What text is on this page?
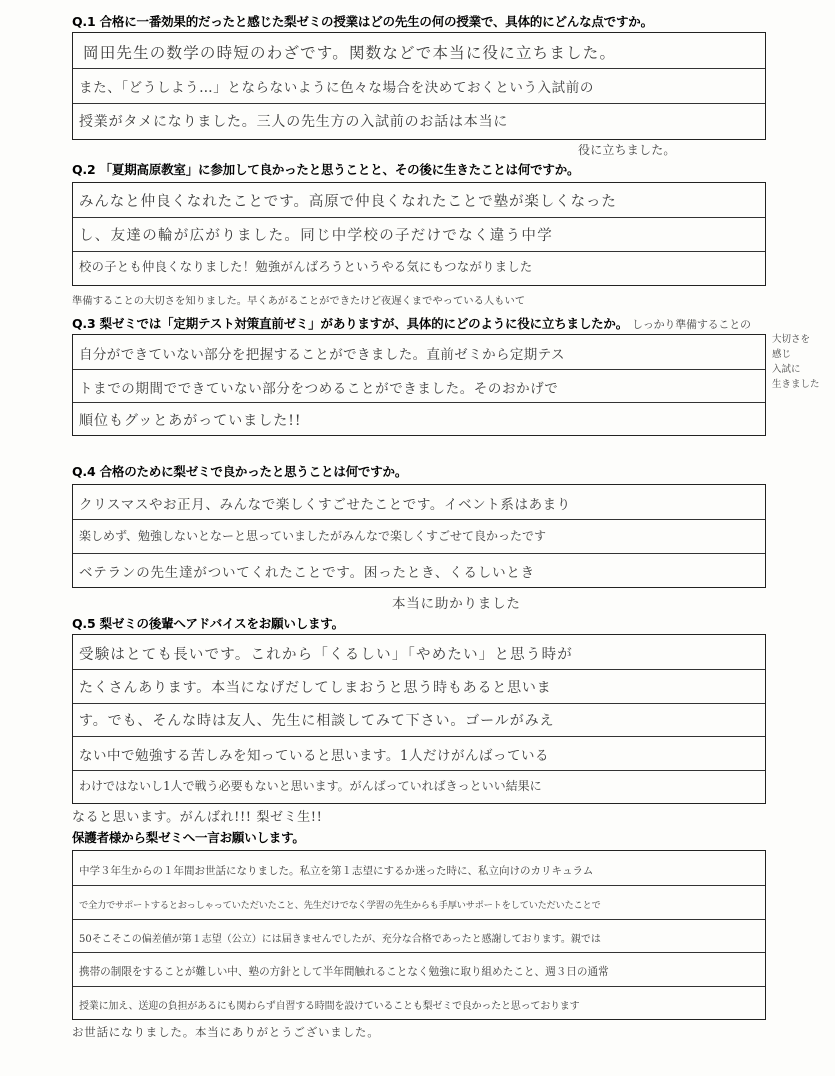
Q.1 合格に一番効果的だったと感じた梨ゼミの授業はどの先生の何の授業で、具体的にどんな点ですか。
岡田先生の数学の時短のわざです。関数などで本当に役に立ちました。
また、「どうしよう…」とならないように色々な場合を決めておくという入試前の
授業がタメになりました。三人の先生方の入試前のお話は本当に
役に立ちました。
Q.2 「夏期高原教室」に参加して良かったと思うことと、その後に生きたことは何ですか。
みんなと仲良くなれたことです。高原で仲良くなれたことで塾が楽しくなった
し、友達の輪が広がりました。同じ中学校の子だけでなく違う中学
校の子とも仲良くなりました！勉強がんばろうというやる気にもつながりました
準備することの大切さを知りました。早くあがることができたけど夜遅くまでやっている人もいて
Q.3 梨ゼミでは「定期テスト対策直前ゼミ」がありますが、具体的にどのように役に立ちましたか。 しっかり準備することの
自分ができていない部分を把握することができました。直前ゼミから定期テス
トまでの期間でできていない部分をつめることができました。そのおかげで
順位もグッとあがっていました!!
大切さを
感じ
入試に
生きました
Q.4 合格のために梨ゼミで良かったと思うことは何ですか。
クリスマスやお正月、みんなで楽しくすごせたことです。イベント系はあまり
楽しめず、勉強しないとなーと思っていましたがみんなで楽しくすごせて良かったです
ベテランの先生達がついてくれたことです。困ったとき、くるしいとき
本当に助かりました
Q.5 梨ゼミの後輩へアドバイスをお願いします。
受験はとても長いです。これから「くるしい」「やめたい」と思う時が
たくさんあります。本当になげだしてしまおうと思う時もあると思いま
す。でも、そんな時は友人、先生に相談してみて下さい。ゴールがみえ
ない中で勉強する苦しみを知っていると思います。1人だけがんばっている
わけではないし1人で戦う必要もないと思います。がんばっていればきっといい結果に
なると思います。がんばれ!!! 梨ゼミ生!!
保護者様から梨ゼミへ一言お願いします。
中学３年生からの１年間お世話になりました。私立を第１志望にするか迷った時に、私立向けのカリキュラム
で全力でサポートするとおっしゃっていただいたこと、先生だけでなく学習の先生からも手厚いサポートをしていただいたことで
50そこそこの偏差値が第１志望（公立）には届きませんでしたが、充分な合格であったと感謝しております。親では
携帯の制限をすることが難しい中、塾の方針として半年間触れることなく勉強に取り組めたこと、週３日の通常
授業に加え、送迎の負担があるにも関わらず自習する時間を設けていることも梨ゼミで良かったと思っております
お世話になりました。本当にありがとうございました。
